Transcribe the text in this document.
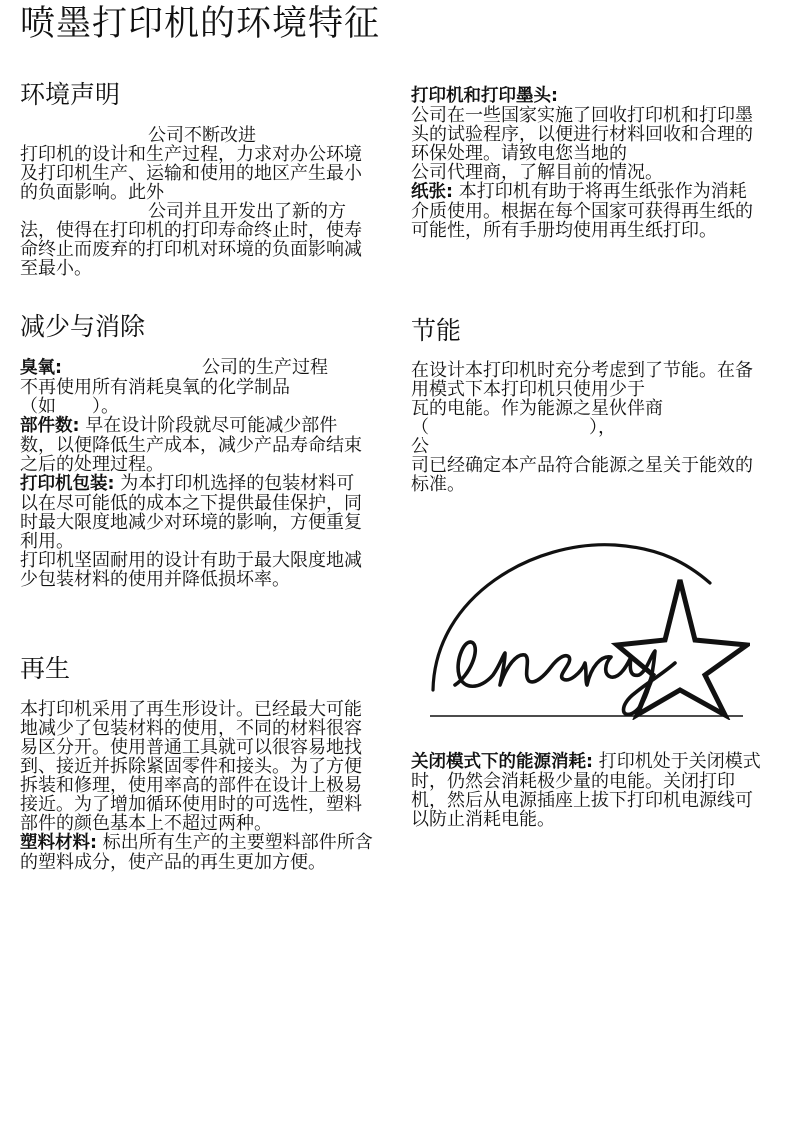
喷墨打印机的环境特征
环境声明
公司不断改进
打印机的设计和生产过程，力求对办公环境及打印机生产、运输和使用的地区产生最小的负面影响。此外
公司并且开发出了新的方法，使得在打印机的打印寿命终止时，使寿命终止而废弃的打印机对环境的负面影响减至最小。
减少与消除
臭氧:	公司的生产过程
不再使用所有消耗臭氧的化学制品
（如 ）。
部件数: 早在设计阶段就尽可能减少部件数，以便降低生产成本，减少产品寿命结束之后的处理过程。
打印机包装: 为本打印机选择的包装材料可以在尽可能低的成本之下提供最佳保护，同时最大限度地减少对环境的影响，方便重复利用。
打印机坚固耐用的设计有助于最大限度地减少包装材料的使用并降低损坏率。
再生
本打印机采用了再生形设计。已经最大可能地减少了包装材料的使用，不同的材料很容易区分开。使用普通工具就可以很容易地找到、接近并拆除紧固零件和接头。为了方便拆装和修理，使用率高的部件在设计上极易接近。为了增加循环使用时的可选性，塑料部件的颜色基本上不超过两种。
塑料材料: 标出所有生产的主要塑料部件所含的塑料成分，使产品的再生更加方便。
打印机和打印墨头:
公司在一些国家实施了回收打印机和打印墨头的试验程序，以便进行材料回收和合理的环保处理。请致电您当地的公司代理商，了解目前的情况。
纸张: 本打印机有助于将再生纸张作为消耗介质使用。根据在每个国家可获得再生纸的可能性，所有手册均使用再生纸打印。
节能
在设计本打印机时充分考虑到了节能。在备用模式下本打印机只使用少于
瓦的电能。作为能源之星伙伴商
（	），公
司已经确定本产品符合能源之星关于能效的标准。
关闭模式下的能源消耗: 打印机处于关闭模式时，仍然会消耗极少量的电能。关闭打印机，然后从电源插座上拔下打印机电源线可以防止消耗电能。
